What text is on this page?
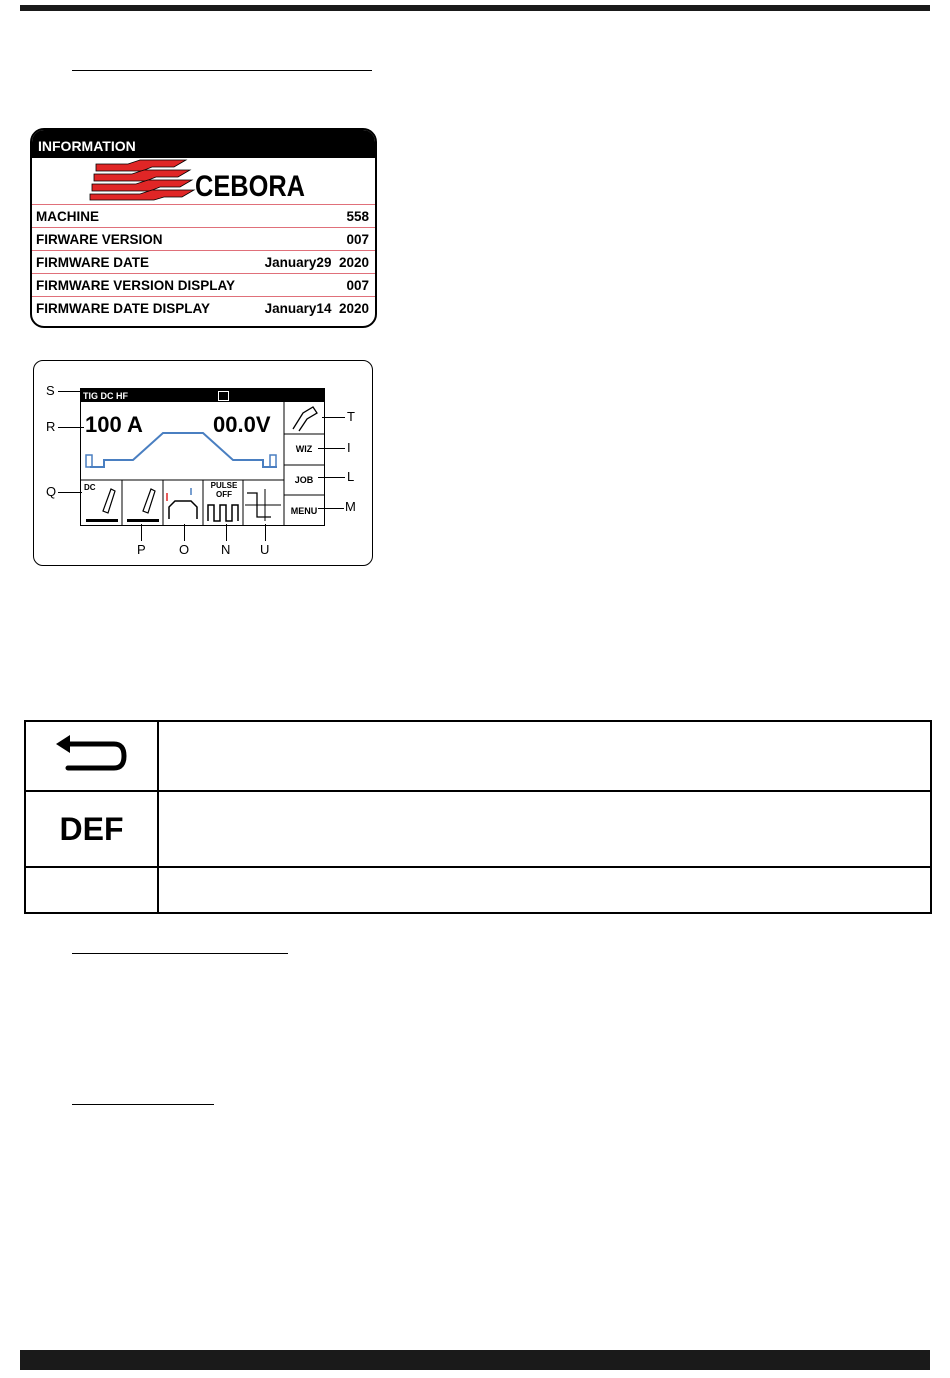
INFORMATION
CEBORA
MACHINE	558
FIRWARE VERSION	007
FIRMWARE DATE	January29  2020
FIRMWARE VERSION DISPLAY	007
FIRMWARE DATE DISPLAY	January14  2020
TIG DC HF
100 A	00.0V
DC	PULSE OFF
WIZ
JOB
MENU
S
R
Q
T
I
L
M
P	O N U
DEF
